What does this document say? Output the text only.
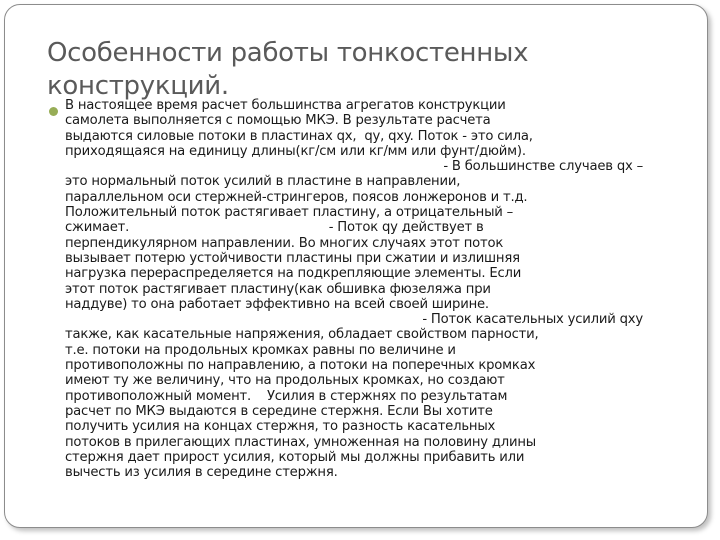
Особенности работы тонкостенных конструкций.
В настоящее время расчет большинства агрегатов конструкции
самолета выполняется с помощью МКЭ. В результате расчета
выдаются силовые потоки в пластинах qx,  qy, qxy. Поток - это сила,
приходящаяся на единицу длины(кг/см или кг/мм или фунт/дюйм).
- В большинстве случаев qx –
это нормальный поток усилий в пластине в направлении,
параллельном оси стержней-стрингеров, поясов лонжеронов и т.д.
Положительный поток растягивает пластину, а отрицательный –
сжимает.                                                  - Поток qy действует в
перпендикулярном направлении. Во многих случаях этот поток
вызывает потерю устойчивости пластины при сжатии и излишняя
нагрузка перераспределяется на подкрепляющие элементы. Если
этот поток растягивает пластину(как обшивка фюзеляжа при
наддуве) то она работает эффективно на всей своей ширине.
- Поток касательных усилий qxy
также, как касательные напряжения, обладает свойством парности,
т.е. потоки на продольных кромках равны по величине и
противоположны по направлению, а потоки на поперечных кромках
имеют ту же величину, что на продольных кромках, но создают
противоположный момент.    Усилия в стержнях по результатам
расчет по МКЭ выдаются в середине стержня. Если Вы хотите
получить усилия на концах стержня, то разность касательных
потоков в прилегающих пластинах, умноженная на половину длины
стержня дает прирост усилия, который мы должны прибавить или
вычесть из усилия в середине стержня.
